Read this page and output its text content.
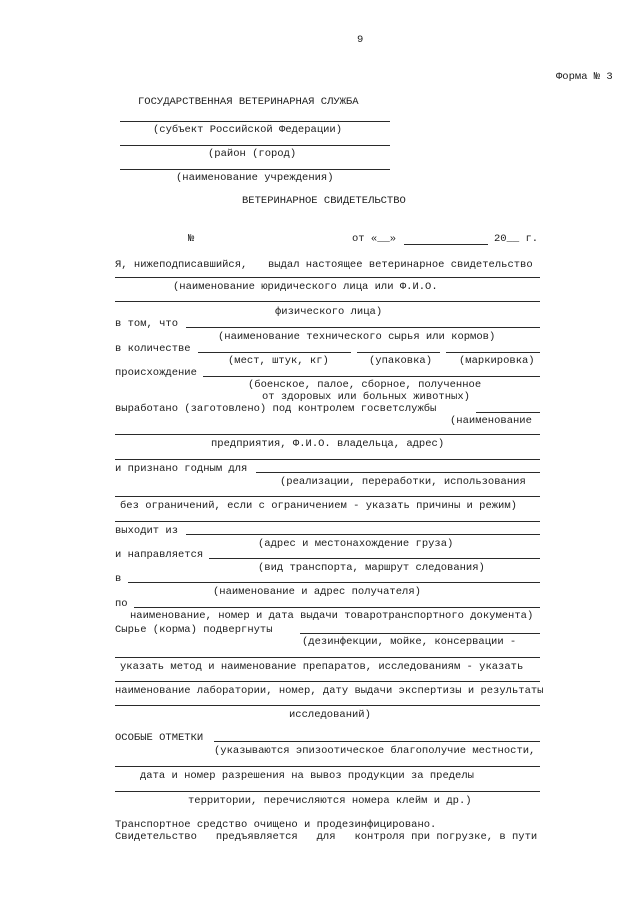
9
Форма № 3
ГОСУДАРСТВЕННАЯ ВЕТЕРИНАРНАЯ СЛУЖБА
(субъект Российской Федерации)
(район (город)
(наименование учреждения)
ВЕТЕРИНАРНОЕ СВИДЕТЕЛЬСТВО
№	от «__»	20__ г.
Я, нижеподписавшийся, выдал настоящее ветеринарное свидетельство
(наименование юридического лица или Ф.И.О.
физического лица)
в том, что
(наименование технического сырья или кормов)
в количестве
(мест, штук, кг)	(упаковка)	(маркировка)
происхождение
(боенское, палое, сборное, полученное
от здоровых или больных животных)
выработано (заготовлено) под контролем госветслужбы
(наименование
предприятия, Ф.И.О. владельца, адрес)
и признано годным для
(реализации, переработки, использования
без ограничений, если с ограничением - указать причины и режим)
выходит из
(адрес и местонахождение груза)
и направляется
(вид транспорта, маршрут следования)
в
(наименование и адрес получателя)
по
наименование, номер и дата выдачи товаротранспортного документа)
Сырье (корма) подвергнуты
(дезинфекции, мойке, консервации -
указать метод и наименование препаратов, исследованиям - указать
наименование лаборатории, номер, дату выдачи экспертизы и результаты
исследований)
ОСОБЫЕ ОТМЕТКИ
(указываются эпизоотическое благополучие местности,
дата и номер разрешения на вывоз продукции за пределы
территории, перечисляются номера клейм и др.)
Транспортное средство очищено и продезинфицировано.
Свидетельство   предъявляется   для   контроля при погрузке, в пути
